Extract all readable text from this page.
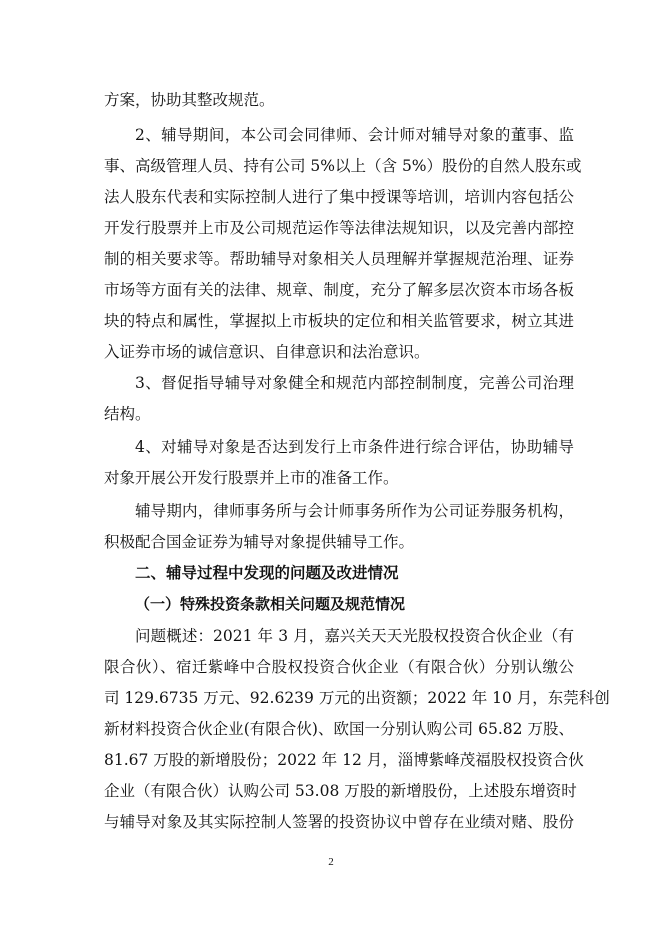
方案，协助其整改规范。
2、辅导期间，本公司会同律师、会计师对辅导对象的董事、监
事、高级管理人员、持有公司 5%以上（含 5%）股份的自然人股东或
法人股东代表和实际控制人进行了集中授课等培训，培训内容包括公
开发行股票并上市及公司规范运作等法律法规知识，以及完善内部控
制的相关要求等。帮助辅导对象相关人员理解并掌握规范治理、证券
市场等方面有关的法律、规章、制度，充分了解多层次资本市场各板
块的特点和属性，掌握拟上市板块的定位和相关监管要求，树立其进
入证券市场的诚信意识、自律意识和法治意识。
3、督促指导辅导对象健全和规范内部控制制度，完善公司治理
结构。
4、对辅导对象是否达到发行上市条件进行综合评估，协助辅导
对象开展公开发行股票并上市的准备工作。
辅导期内，律师事务所与会计师事务所作为公司证券服务机构，
积极配合国金证券为辅导对象提供辅导工作。
二、辅导过程中发现的问题及改进情况
（一）特殊投资条款相关问题及规范情况
问题概述：2021 年 3 月，嘉兴关天天光股权投资合伙企业（有
限合伙）、宿迁紫峰中合股权投资合伙企业（有限合伙）分别认缴公
司 129.6735 万元、92.6239 万元的出资额；2022 年 10 月，东莞科创
新材料投资合伙企业(有限合伙)、欧国一分别认购公司 65.82 万股、
81.67 万股的新增股份；2022 年 12 月，淄博紫峰茂福股权投资合伙
企业（有限合伙）认购公司 53.08 万股的新增股份，上述股东增资时
与辅导对象及其实际控制人签署的投资协议中曾存在业绩对赌、股份
2
